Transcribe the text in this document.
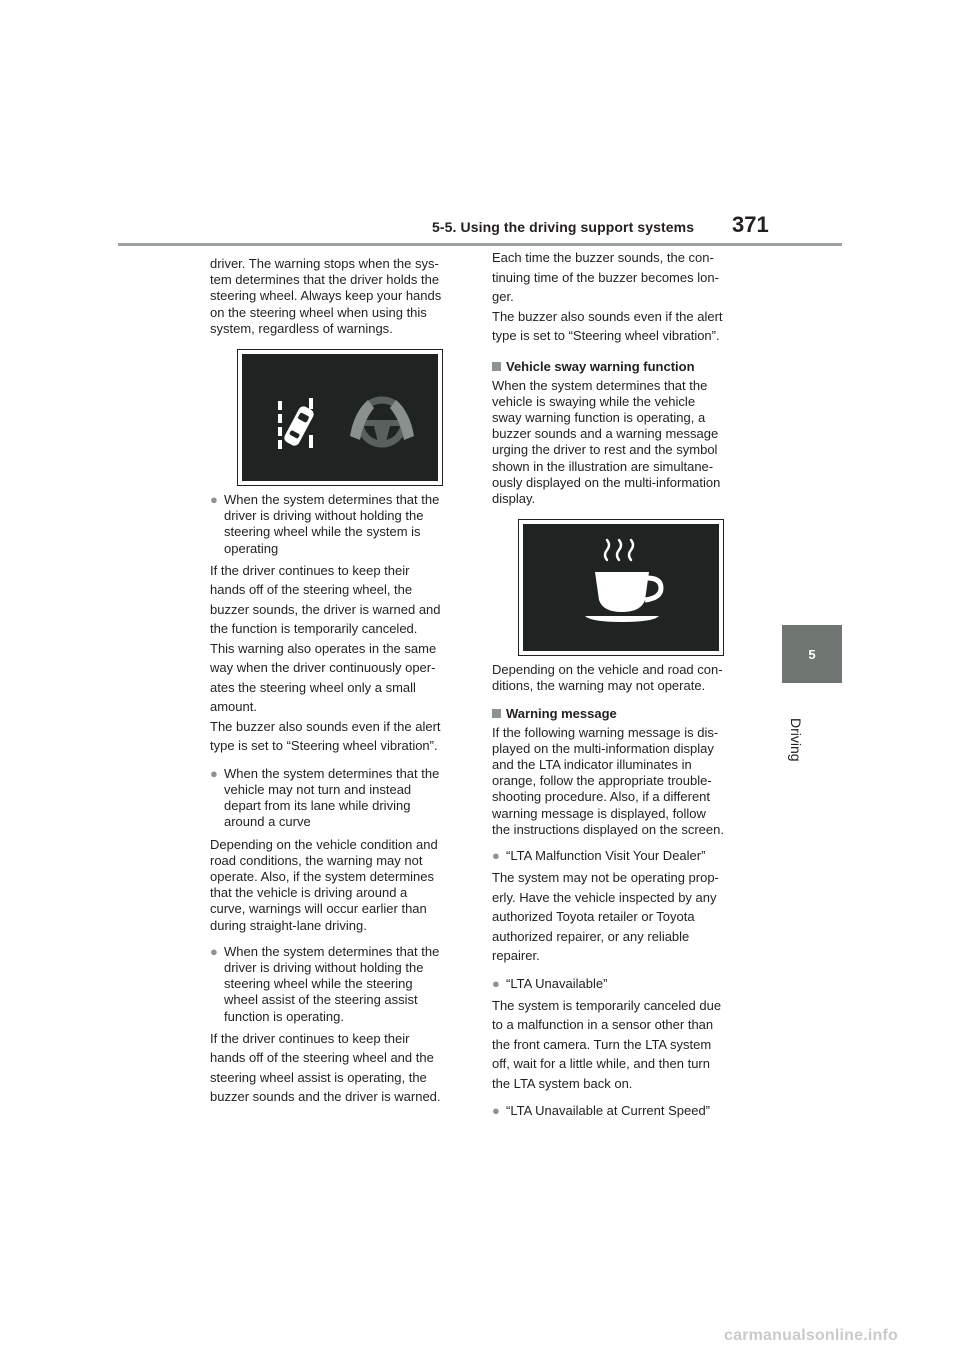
5-5. Using the driving support systems 371
5
Driving

driver. The warning stops when the sys-
tem determines that the driver holds the
steering wheel. Always keep your hands
on the steering wheel when using this
system, regardless of warnings.

● When the system determines that the
driver is driving without holding the
steering wheel while the system is
operating

If the driver continues to keep their
hands off of the steering wheel, the
buzzer sounds, the driver is warned and
the function is temporarily canceled.
This warning also operates in the same
way when the driver continuously oper-
ates the steering wheel only a small
amount.
The buzzer also sounds even if the alert
type is set to “Steering wheel vibration”.

● When the system determines that the
vehicle may not turn and instead
depart from its lane while driving
around a curve

Depending on the vehicle condition and
road conditions, the warning may not
operate. Also, if the system determines
that the vehicle is driving around a
curve, warnings will occur earlier than
during straight-lane driving.

● When the system determines that the
driver is driving without holding the
steering wheel while the steering
wheel assist of the steering assist
function is operating.

If the driver continues to keep their
hands off of the steering wheel and the
steering wheel assist is operating, the
buzzer sounds and the driver is warned.

Each time the buzzer sounds, the con-
tinuing time of the buzzer becomes lon-
ger.
The buzzer also sounds even if the alert
type is set to “Steering wheel vibration”.

Vehicle sway warning function

When the system determines that the
vehicle is swaying while the vehicle
sway warning function is operating, a
buzzer sounds and a warning message
urging the driver to rest and the symbol
shown in the illustration are simultane-
ously displayed on the multi-information
display.

Depending on the vehicle and road con-
ditions, the warning may not operate.

Warning message

If the following warning message is dis-
played on the multi-information display
and the LTA indicator illuminates in
orange, follow the appropriate trouble-
shooting procedure. Also, if a different
warning message is displayed, follow
the instructions displayed on the screen.

● “LTA Malfunction Visit Your Dealer”

The system may not be operating prop-
erly. Have the vehicle inspected by any
authorized Toyota retailer or Toyota
authorized repairer, or any reliable
repairer.

● “LTA Unavailable”

The system is temporarily canceled due
to a malfunction in a sensor other than
the front camera. Turn the LTA system
off, wait for a little while, and then turn
the LTA system back on.

● “LTA Unavailable at Current Speed”

carmanualsonline.info
